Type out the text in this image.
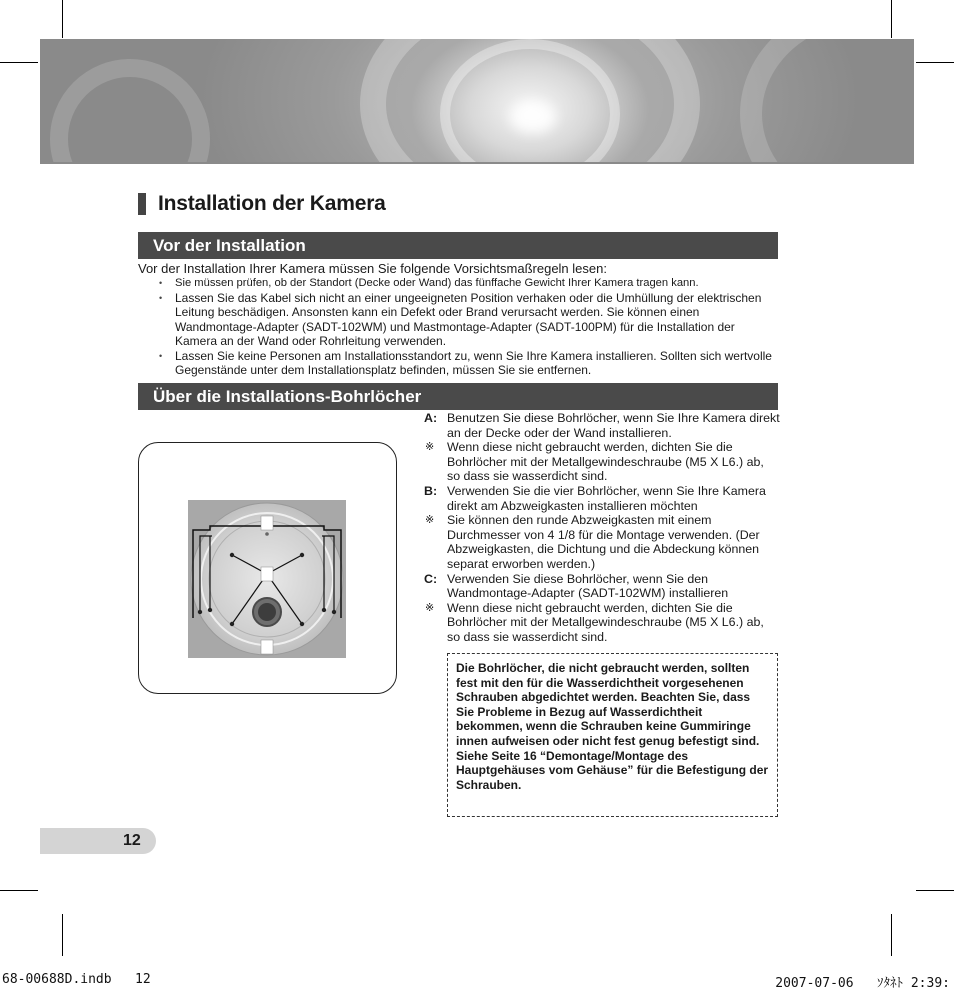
Installation der Kamera
Vor der Installation

Vor der Installation Ihrer Kamera müssen Sie folgende Vorsichtsmaßregeln lesen:

• Sie müssen prüfen, ob der Standort (Decke oder Wand) das fünffache Gewicht Ihrer Kamera tragen kann.
• Lassen Sie das Kabel sich nicht an einer ungeeigneten Position verhaken oder die Umhüllung der elektrischen Leitung beschädigen. Ansonsten kann ein Defekt oder Brand verursacht werden. Sie können einen Wandmontage-Adapter (SADT-102WM) und Mastmontage-Adapter (SADT-100PM) für die Installation der Kamera an der Wand oder Rohrleitung verwenden.
• Lassen Sie keine Personen am Installationsstandort zu, wenn Sie Ihre Kamera installieren. Sollten sich wertvolle Gegenstände unter dem Installationsplatz befinden, müssen Sie sie entfernen.
Über die Installations-Bohrlöcher
A: Benutzen Sie diese Bohrlöcher, wenn Sie Ihre Kamera direkt an der Decke oder der Wand installieren.
※	Wenn diese nicht gebraucht werden, dichten Sie die Bohrlöcher mit der Metallgewindeschraube (M5 X L6.) ab, so dass sie wasserdicht sind.
B: Verwenden Sie die vier Bohrlöcher, wenn Sie Ihre Kamera direkt am Abzweigkasten installieren möchten
※	Sie können den runde Abzweigkasten mit einem Durchmesser von 4 1/8 für die Montage verwenden. (Der Abzweigkasten, die Dichtung und die Abdeckung können separat erworben werden.)
C: Verwenden Sie diese Bohrlöcher, wenn Sie den Wandmontage-Adapter (SADT-102WM) installieren
※	Wenn diese nicht gebraucht werden, dichten Sie die Bohrlöcher mit der Metallgewindeschraube (M5 X L6.) ab, so dass sie wasserdicht sind.
Die Bohrlöcher, die nicht gebraucht werden, sollten fest mit den für die Wasserdichtheit vorgesehenen Schrauben abgedichtet werden. Beachten Sie, dass Sie Probleme in Bezug auf Wasserdichtheit bekommen, wenn die Schrauben keine Gummiringe innen aufweisen oder nicht fest genug befestigt sind.
Siehe Seite 16 “Demontage/Montage des Hauptgehäuses vom Gehäuse” für die Befestigung der Schrauben.
12
68-00688D.indb   12	2007-07-06   ｿﾀﾈﾄ 2:39:
